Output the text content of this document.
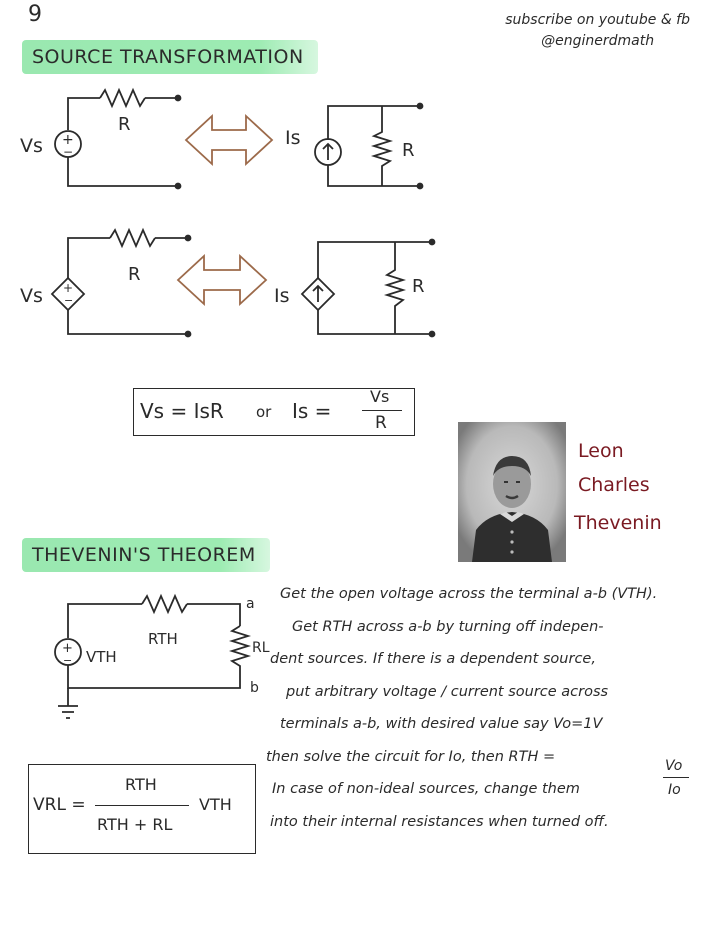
9	subscribe on youtube & fb
@enginerdmath
SOURCE TRANSFORMATION
Vs +
−
R
Is
R
Vs +
−
R
Is	R
Vs = IsR or Is =
Vs
R
Leon
Charles
Thevenin
THEVENIN'S THEOREM
+
− VTH
RTH
a
RL
b

Get the open voltage across the terminal a-b (VTH).

Get RTH across a-b by turning off indepen-

dent sources. If there is a dependent source,

put arbitrary voltage / current source across

terminals a-b, with desired value say Vo=1V

then solve the circuit for Io, then RTH =

In case of non-ideal sources, change them

into their internal resistances when turned off.

Vo
Io
VRL =
RTH
RTH + RL
VTH
